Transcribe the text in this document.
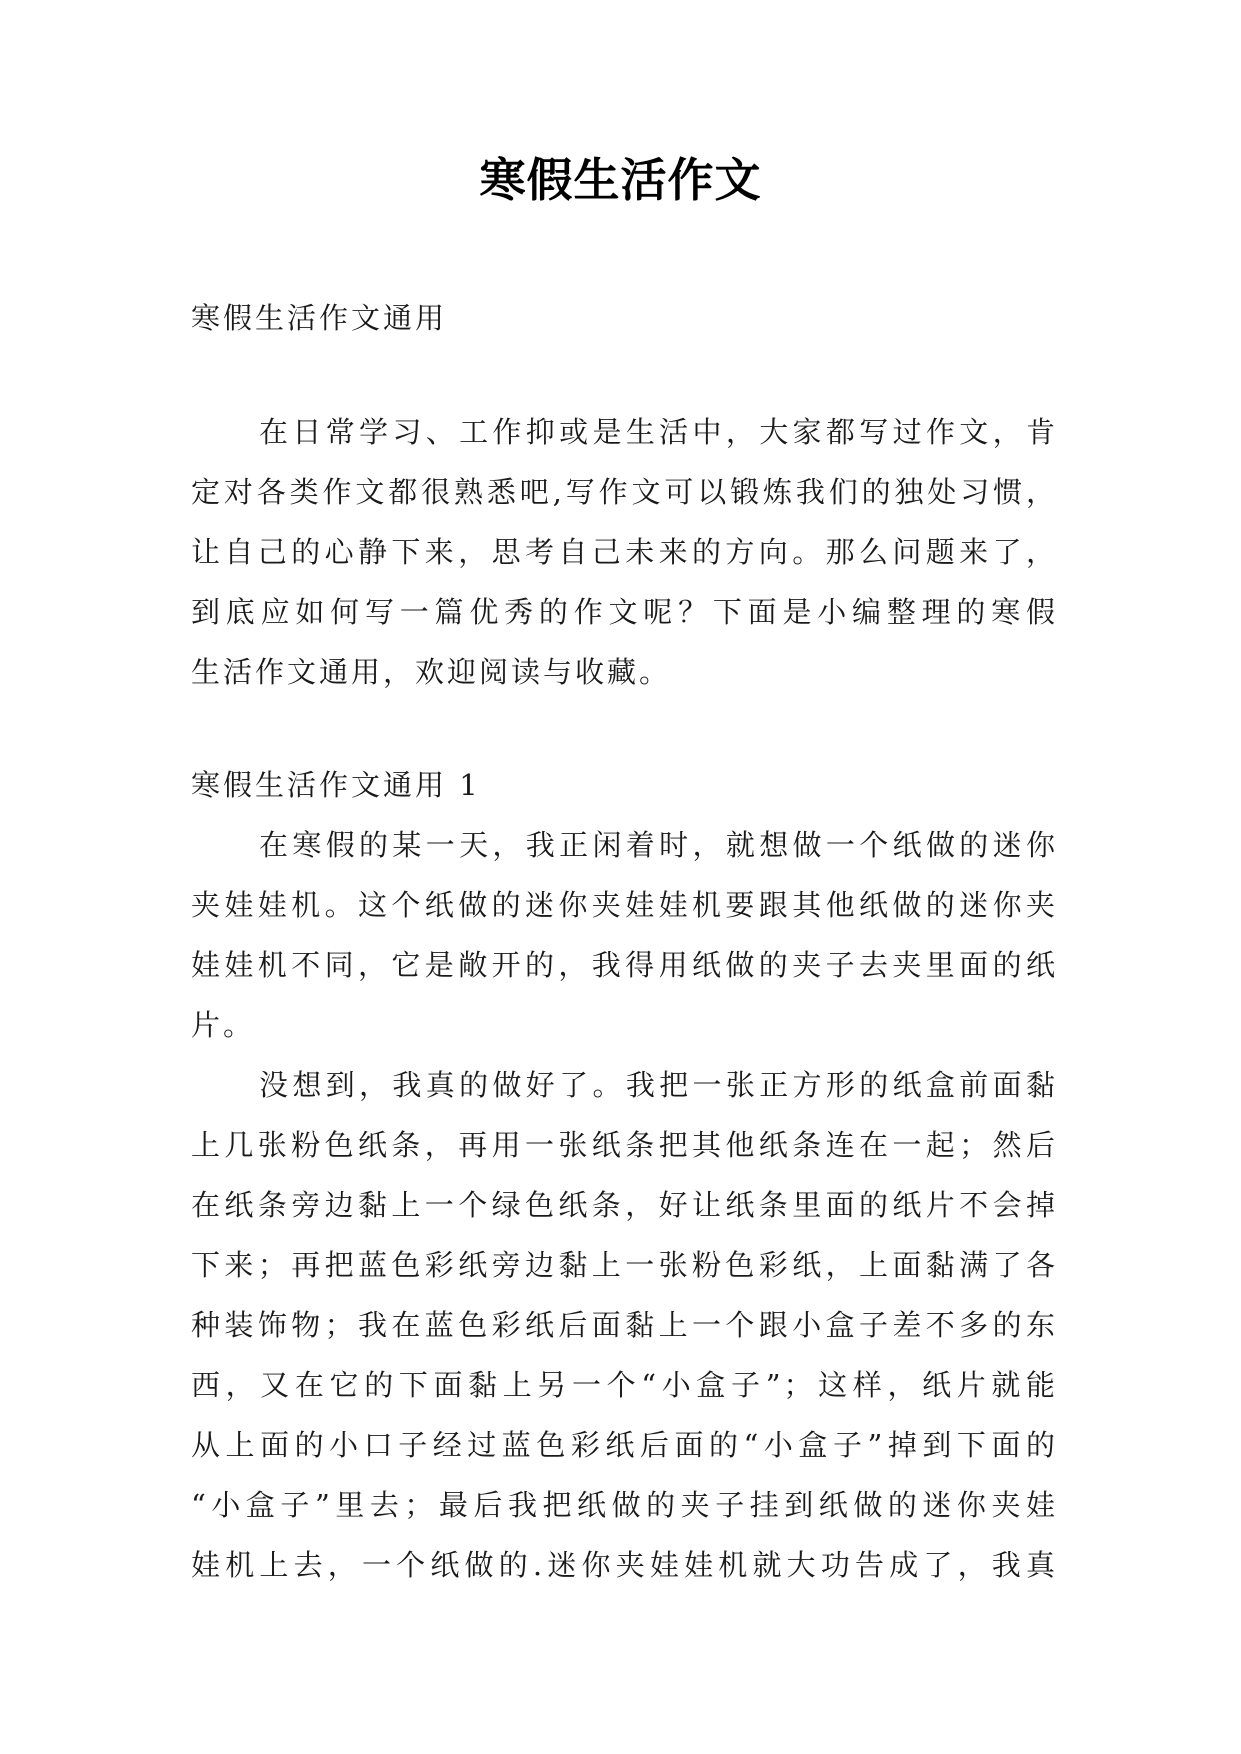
寒假生活作文
寒假生活作文通用
在日常学习、工作抑或是生活中，大家都写过作文，肯
定对各类作文都很熟悉吧,写作文可以锻炼我们的独处习惯，
让自己的心静下来，思考自己未来的方向。那么问题来了，
到底应如何写一篇优秀的作文呢？下面是小编整理的寒假
生活作文通用，欢迎阅读与收藏。
寒假生活作文通用 1
在寒假的某一天，我正闲着时，就想做一个纸做的迷你
夹娃娃机。这个纸做的迷你夹娃娃机要跟其他纸做的迷你夹
娃娃机不同，它是敞开的，我得用纸做的夹子去夹里面的纸
片。
没想到，我真的做好了。我把一张正方形的纸盒前面黏
上几张粉色纸条，再用一张纸条把其他纸条连在一起；然后
在纸条旁边黏上一个绿色纸条，好让纸条里面的纸片不会掉
下来；再把蓝色彩纸旁边黏上一张粉色彩纸，上面黏满了各
种装饰物；我在蓝色彩纸后面黏上一个跟小盒子差不多的东
西，又在它的下面黏上另一个“小盒子”；这样，纸片就能
从上面的小口子经过蓝色彩纸后面的“小盒子”掉到下面的
“小盒子”里去；最后我把纸做的夹子挂到纸做的迷你夹娃
娃机上去，一个纸做的.迷你夹娃娃机就大功告成了，我真
